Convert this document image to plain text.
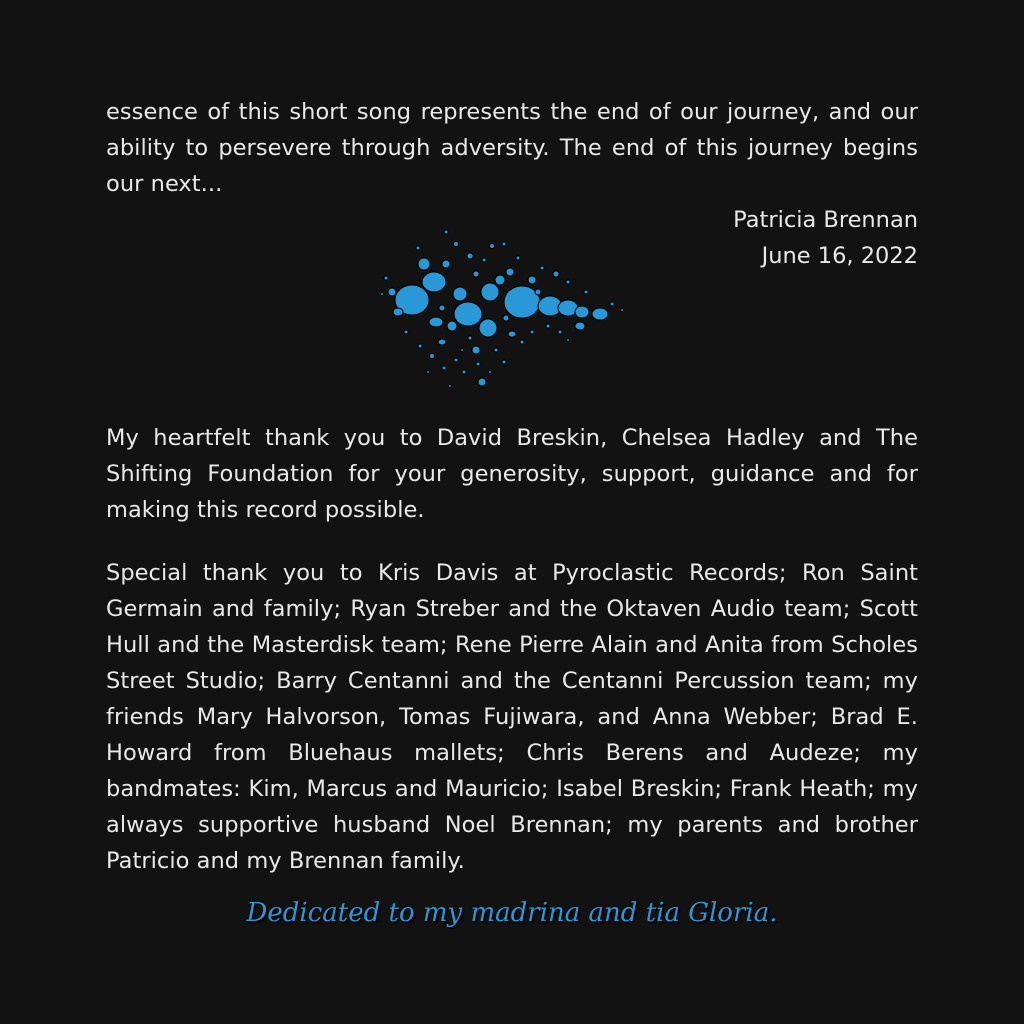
essence of this short song represents the end of our journey, and our ability to persevere through adversity. The end of this journey begins our next...

Patricia Brennan

June 16, 2022

My heartfelt thank you to David Breskin, Chelsea Hadley and The Shifting Foundation for your generosity, support, guidance and for making this record possible.

Special thank you to Kris Davis at Pyroclastic Records; Ron Saint Germain and family; Ryan Streber and the Oktaven Audio team; Scott Hull and the Masterdisk team; Rene Pierre Alain and Anita from Scholes Street Studio; Barry Centanni and the Centanni Percussion team; my friends Mary Halvorson, Tomas Fujiwara, and Anna Webber; Brad E. Howard from Bluehaus mallets; Chris Berens and Audeze; my bandmates: Kim, Marcus and Mauricio; Isabel Breskin; Frank Heath; my always supportive husband Noel Brennan; my parents and brother Patricio and my Brennan family.

Dedicated to my madrina and tia Gloria.
